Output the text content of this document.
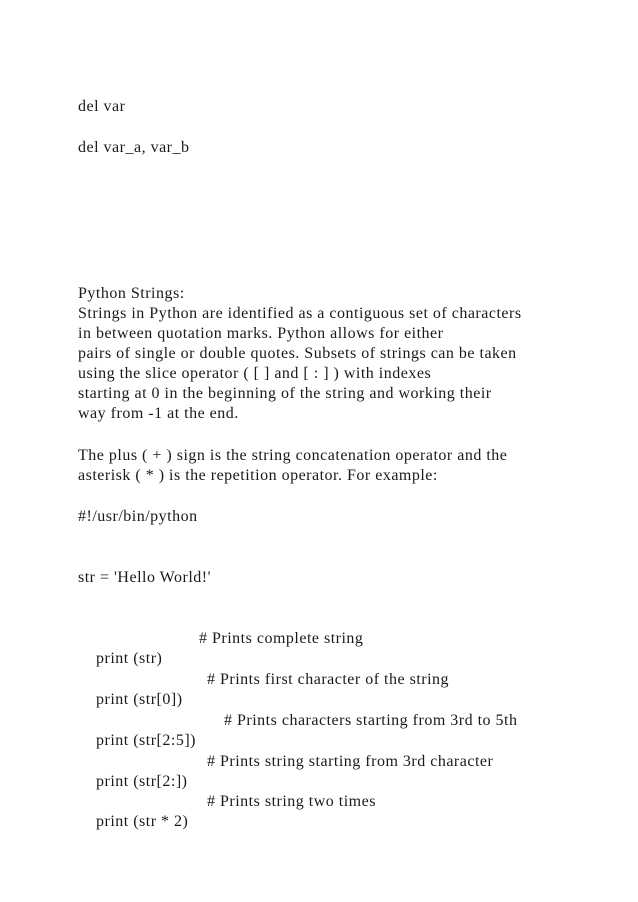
del var
del var_a, var_b
Python Strings:
Strings in Python are identified as a contiguous set of characters
in between quotation marks. Python allows for either
pairs of single or double quotes. Subsets of strings can be taken
using the slice operator ( [ ] and [ : ] ) with indexes
starting at 0 in the beginning of the string and working their
way from -1 at the end.
The plus ( + ) sign is the string concatenation operator and the
asterisk ( * ) is the repetition operator. For example:
#!/usr/bin/python
str = 'Hello World!'

print (str)

# Prints complete string

print (str[0])

# Prints first character of the string

print (str[2:5])

# Prints characters starting from 3rd to 5th

print (str[2:])

# Prints string starting from 3rd character

print (str * 2)

# Prints string two times
